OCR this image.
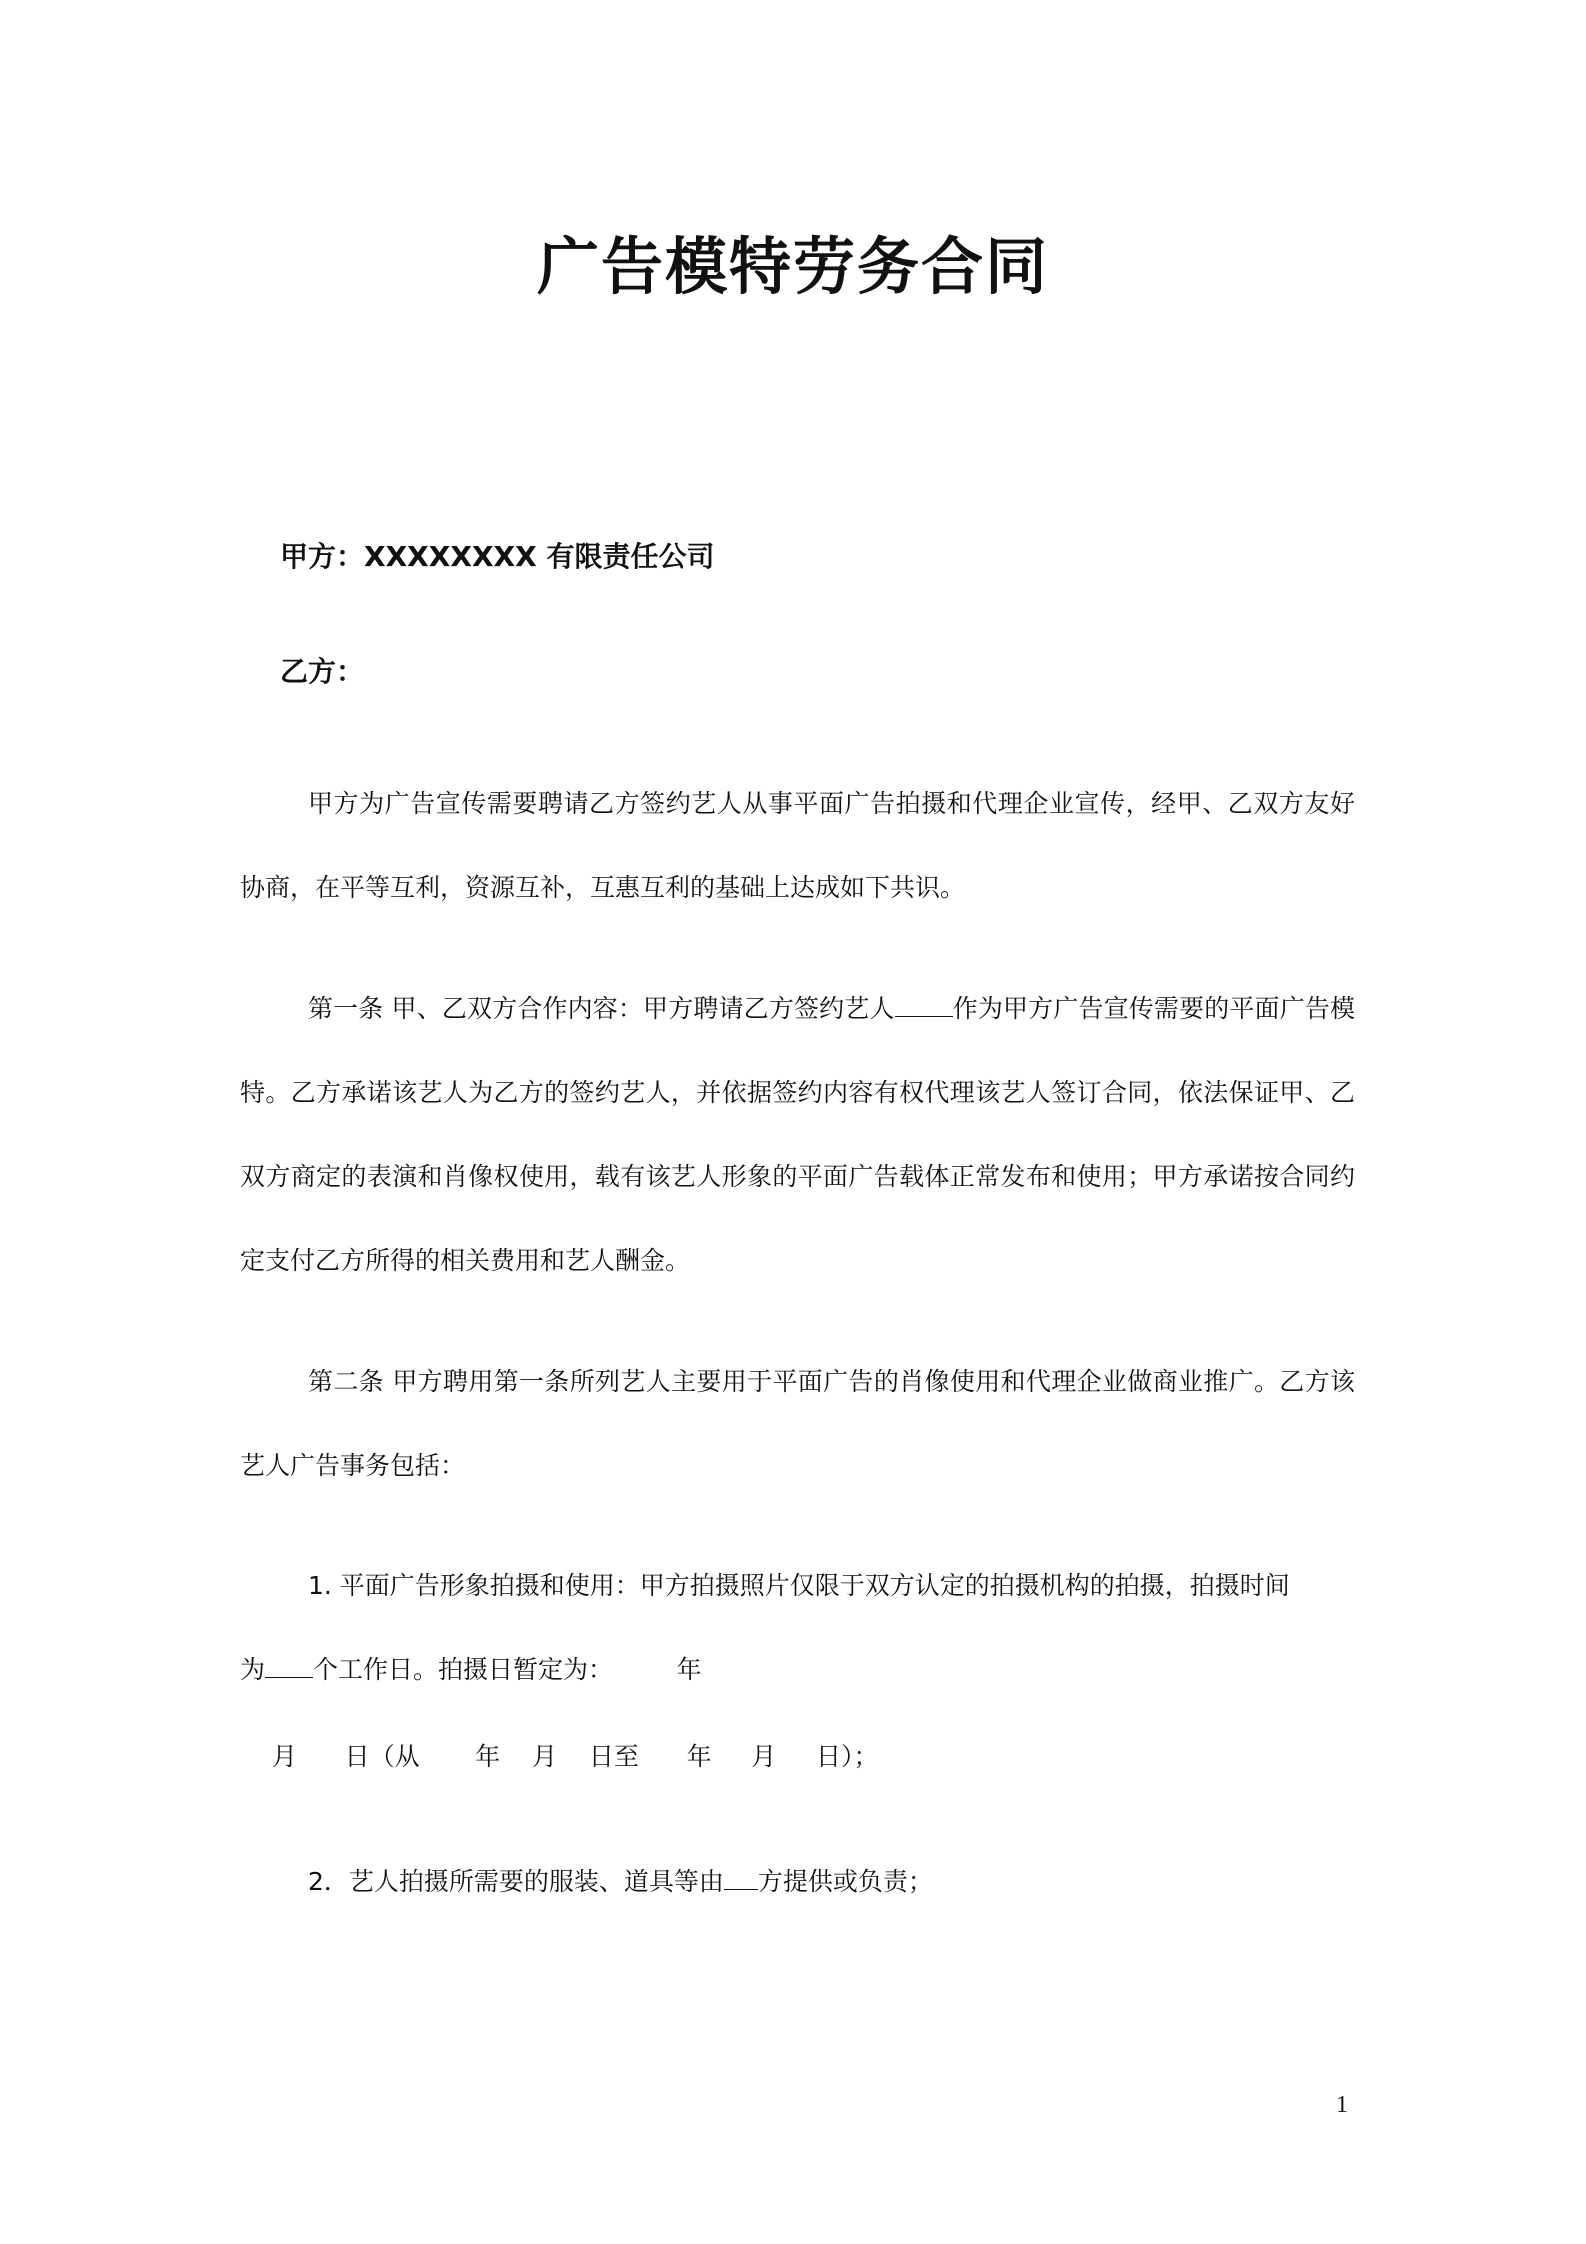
广告模特劳务合同
甲方：XXXXXXXX 有限责任公司
乙方：
甲方为广告宣传需要聘请乙方签约艺人从事平面广告拍摄和代理企业宣传，经甲、乙双方友好协商，在平等互利，资源互补，互惠互利的基础上达成如下共识。
第一条 甲、乙双方合作内容：甲方聘请乙方签约艺人 作为甲方广告宣传需要的平面广告模特。乙方承诺该艺人为乙方的签约艺人，并依据签约内容有权代理该艺人签订合同，依法保证甲、乙双方商定的表演和肖像权使用，载有该艺人形象的平面广告载体正常发布和使用；甲方承诺按合同约定支付乙方所得的相关费用和艺人酬金。
第二条 甲方聘用第一条所列艺人主要用于平面广告的肖像使用和代理企业做商业推广。乙方该艺人广告事务包括：
1. 平面广告形象拍摄和使用：甲方拍摄照片仅限于双方认定的拍摄机构的拍摄，拍摄时间
为 个工作日。拍摄日暂定为：        年
月      日（从       年    月    日至      年     月     日）；
2．艺人拍摄所需要的服装、道具等由 方提供或负责；
1
